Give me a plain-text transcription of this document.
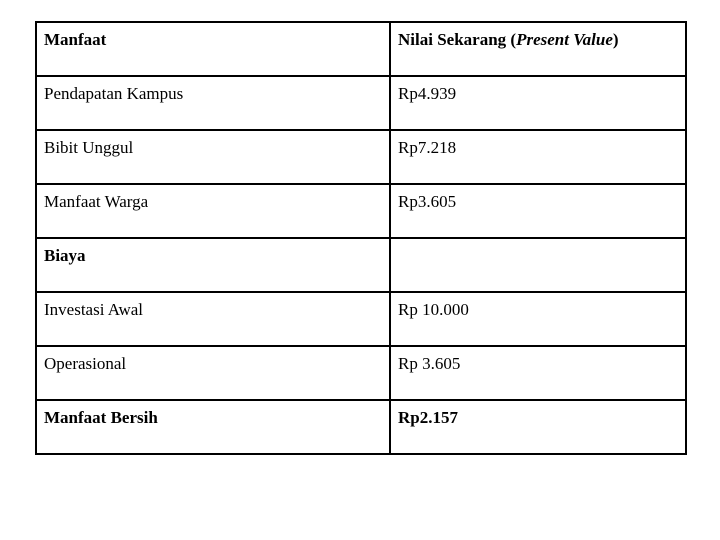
Manfaat	Nilai Sekarang (Present Value)
Pendapatan Kampus	Rp4.939
Bibit Unggul	Rp7.218
Manfaat Warga	Rp3.605
Biaya	
Investasi Awal	Rp 10.000
Operasional	Rp 3.605
Manfaat Bersih	Rp2.157
